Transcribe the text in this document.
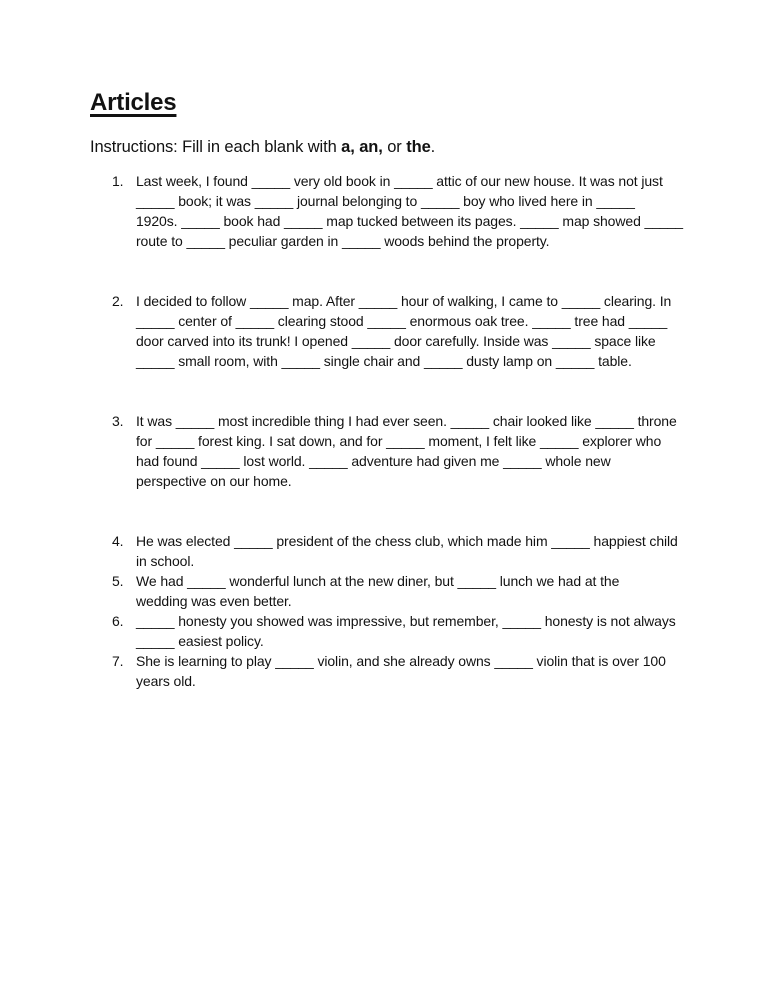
Articles

Instructions: Fill in each blank with a, an, or the.

1. Last week, I found _____ very old book in _____ attic of our new house. It was not just
_____ book; it was _____ journal belonging to _____ boy who lived here in _____
1920s. _____ book had _____ map tucked between its pages. _____ map showed _____
route to _____ peculiar garden in _____ woods behind the property.
2. I decided to follow _____ map. After _____ hour of walking, I came to _____ clearing. In
_____ center of _____ clearing stood _____ enormous oak tree. _____ tree had _____
door carved into its trunk! I opened _____ door carefully. Inside was _____ space like
_____ small room, with _____ single chair and _____ dusty lamp on _____ table.
3. It was _____ most incredible thing I had ever seen. _____ chair looked like _____ throne
for _____ forest king. I sat down, and for _____ moment, I felt like _____ explorer who
had found _____ lost world. _____ adventure had given me _____ whole new
perspective on our home.
4. He was elected _____ president of the chess club, which made him _____ happiest child
in school.
5. We had _____ wonderful lunch at the new diner, but _____ lunch we had at the
wedding was even better.
6. _____ honesty you showed was impressive, but remember, _____ honesty is not always
_____ easiest policy.
7. She is learning to play _____ violin, and she already owns _____ violin that is over 100
years old.
